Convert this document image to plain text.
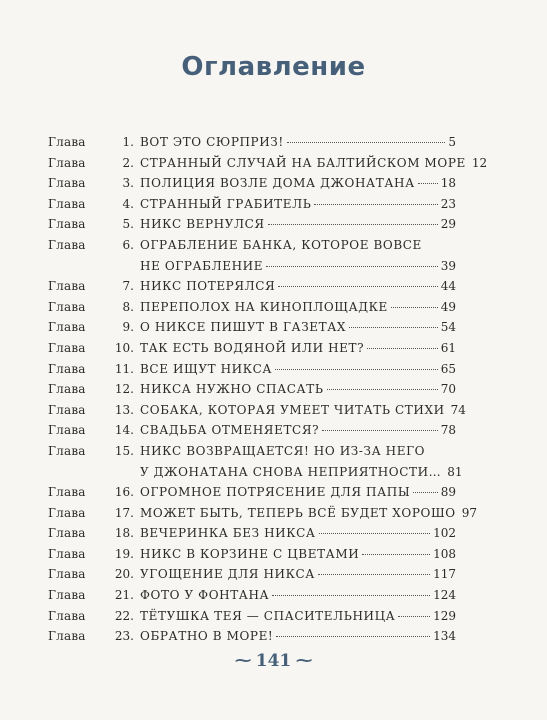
Оглавление
Глава	1. ВОТ ЭТО СЮРПРИЗ!	5
Глава	2. СТРАННЫЙ СЛУЧАЙ НА БАЛТИЙСКОМ МОРЕ 12
Глава	3. ПОЛИЦИЯ ВОЗЛЕ ДОМА ДЖОНАТАНА 18
Глава	4. СТРАННЫЙ ГРАБИТЕЛЬ	23
Глава	5. НИКС ВЕРНУЛСЯ	29
Глава	6. ОГРАБЛЕНИЕ БАНКА, КОТОРОЕ ВОВСЕ
НЕ ОГРАБЛЕНИЕ	39
Глава	7. НИКС ПОТЕРЯЛСЯ	44
Глава	8. ПЕРЕПОЛОХ НА КИНОПЛОЩАДКЕ	49
Глава	9. О НИКСЕ ПИШУТ В ГАЗЕТАХ	54
Глава	10. ТАК ЕСТЬ ВОДЯНОЙ ИЛИ НЕТ?	61
Глава	11. ВСЕ ИЩУТ НИКСА	65
Глава	12. НИКСА НУЖНО СПАСАТЬ	70
Глава	13. СОБАКА, КОТОРАЯ УМЕЕТ ЧИТАТЬ СТИХИ 74
Глава	14. СВАДЬБА ОТМЕНЯЕТСЯ?	78
Глава	15. НИКС ВОЗВРАЩАЕТСЯ! НО ИЗ-ЗА НЕГО
У ДЖОНАТАНА СНОВА НЕПРИЯТНОСТИ… 81
Глава	16. ОГРОМНОЕ ПОТРЯСЕНИЕ ДЛЯ ПАПЫ	89
Глава	17. МОЖЕТ БЫТЬ, ТЕПЕРЬ ВСЁ БУДЕТ ХОРОШО 97
Глава	18. ВЕЧЕРИНКА БЕЗ НИКСА	102
Глава	19. НИКС В КОРЗИНЕ С ЦВЕТАМИ	108
Глава	20. УГОЩЕНИЕ ДЛЯ НИКСА	117
Глава	21. ФОТО У ФОНТАНА	124
Глава	22. ТЁТУШКА ТЕЯ — СПАСИТЕЛЬНИЦА	129
Глава	23. ОБРАТНО В МОРЕ!	134
~ 141 ~
